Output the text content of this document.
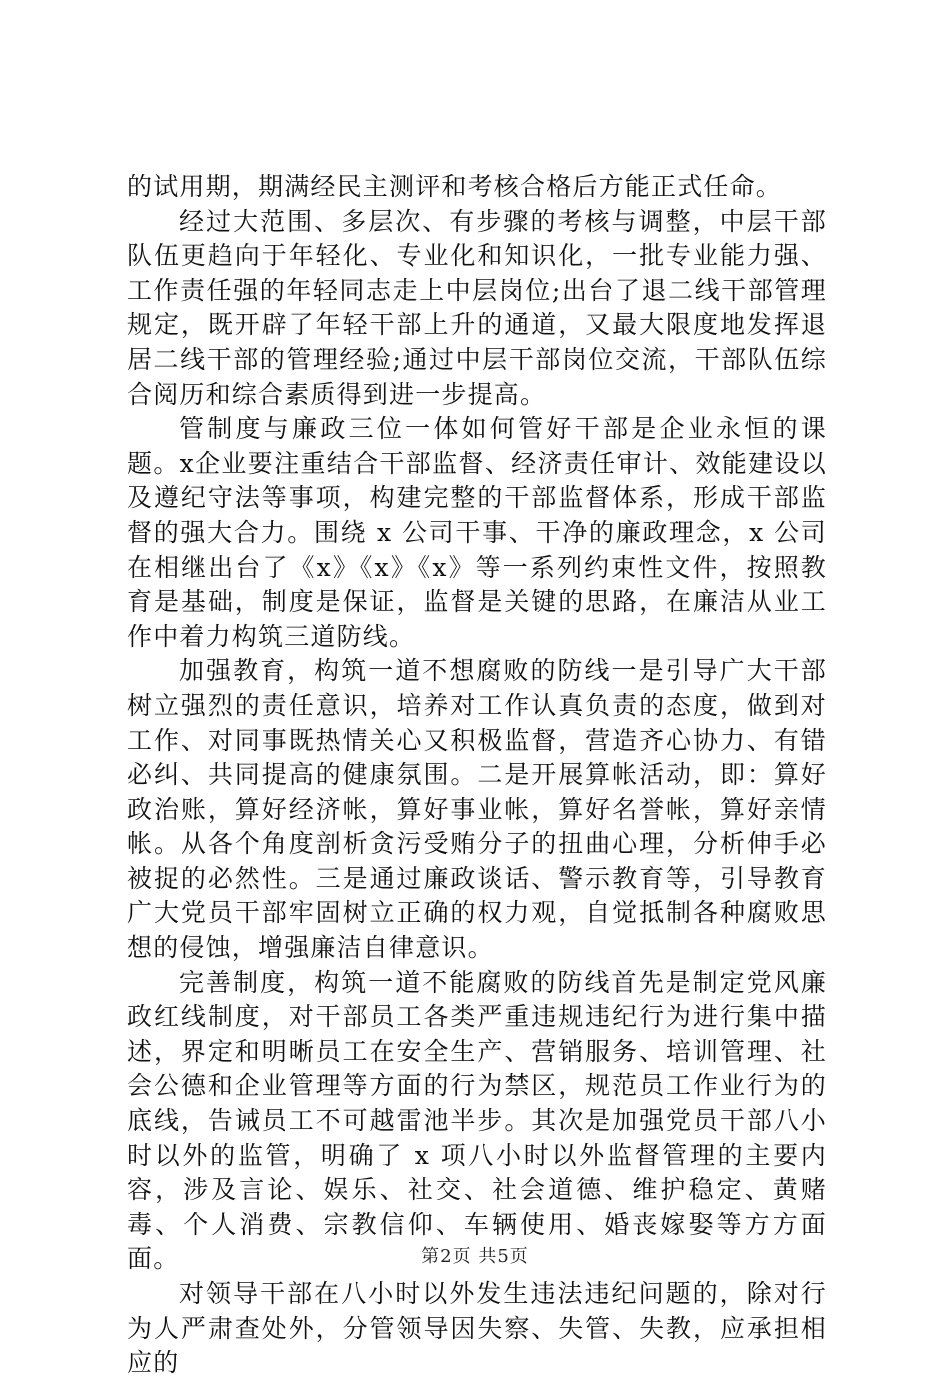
的试用期，期满经民主测评和考核合格后方能正式任命。

经过大范围、多层次、有步骤的考核与调整，中层干部队伍更趋向于年轻化、专业化和知识化，一批专业能力强、工作责任强的年轻同志走上中层岗位;出台了退二线干部管理规定，既开辟了年轻干部上升的通道，又最大限度地发挥退居二线干部的管理经验;通过中层干部岗位交流，干部队伍综合阅历和综合素质得到进一步提高。

管制度与廉政三位一体如何管好干部是企业永恒的课题。x企业要注重结合干部监督、经济责任审计、效能建设以及遵纪守法等事项，构建完整的干部监督体系，形成干部监督的强大合力。围绕 x 公司干事、干净的廉政理念，x 公司在相继出台了《x》《x》《x》等一系列约束性文件，按照教育是基础，制度是保证，监督是关键的思路，在廉洁从业工作中着力构筑三道防线。

加强教育，构筑一道不想腐败的防线一是引导广大干部树立强烈的责任意识，培养对工作认真负责的态度，做到对工作、对同事既热情关心又积极监督，营造齐心协力、有错必纠、共同提高的健康氛围。二是开展算帐活动，即：算好政治账，算好经济帐，算好事业帐，算好名誉帐，算好亲情帐。从各个角度剖析贪污受贿分子的扭曲心理，分析伸手必被捉的必然性。三是通过廉政谈话、警示教育等，引导教育广大党员干部牢固树立正确的权力观，自觉抵制各种腐败思想的侵蚀，增强廉洁自律意识。

完善制度，构筑一道不能腐败的防线首先是制定党风廉政红线制度，对干部员工各类严重违规违纪行为进行集中描述，界定和明晰员工在安全生产、营销服务、培训管理、社会公德和企业管理等方面的行为禁区，规范员工作业行为的底线，告诫员工不可越雷池半步。其次是加强党员干部八小时以外的监管，明确了 x 项八小时以外监督管理的主要内容，涉及言论、娱乐、社交、社会道德、维护稳定、黄赌毒、个人消费、宗教信仰、车辆使用、婚丧嫁娶等方方面面。

对领导干部在八小时以外发生违法违纪问题的，除对行为人严肃查处外，分管领导因失察、失管、失教，应承担相应的

第2页 共5页
